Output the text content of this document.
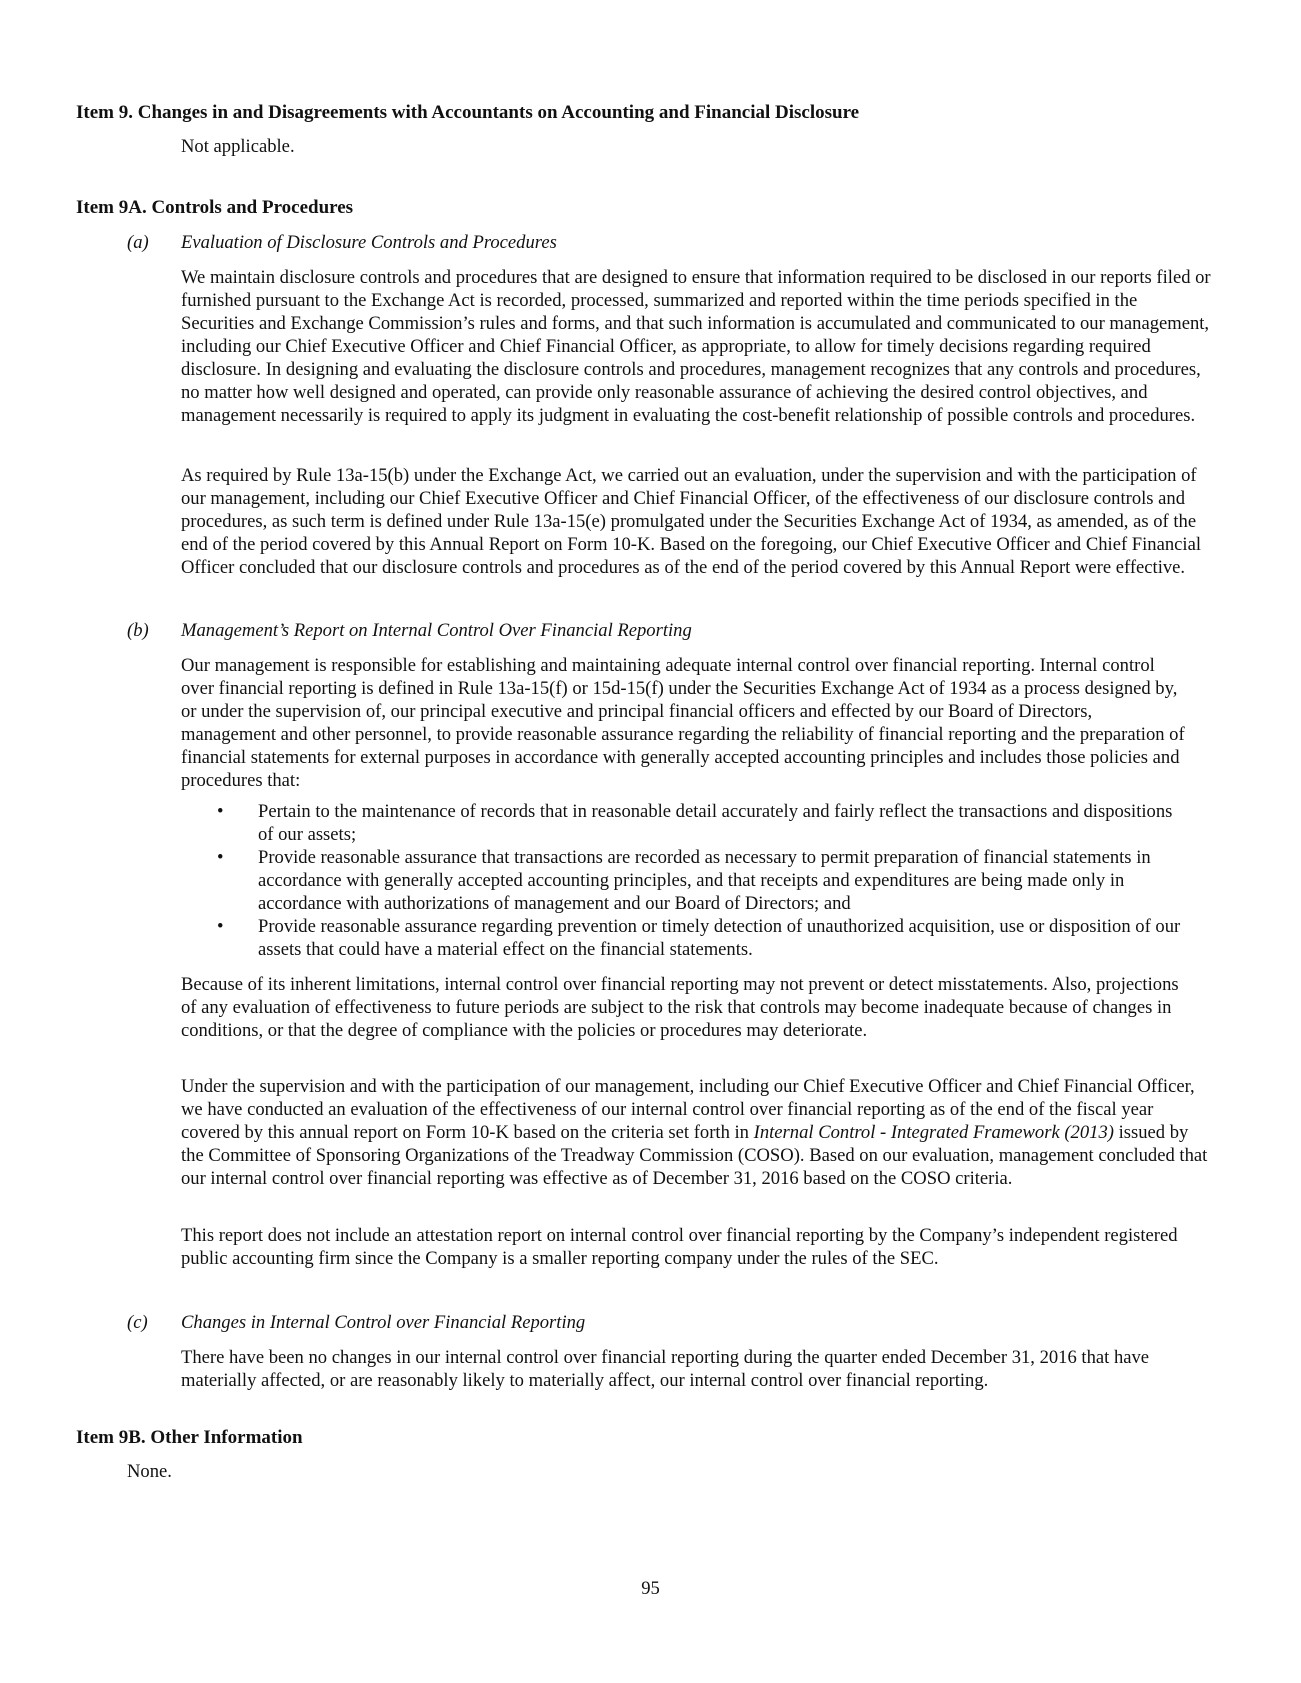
Item 9. Changes in and Disagreements with Accountants on Accounting and Financial Disclosure

Not applicable.

Item 9A. Controls and Procedures

(a) Evaluation of Disclosure Controls and Procedures

We maintain disclosure controls and procedures that are designed to ensure that information required to be disclosed in our reports filed or furnished pursuant to the Exchange Act is recorded, processed, summarized and reported within the time periods specified in the Securities and Exchange Commission’s rules and forms, and that such information is accumulated and communicated to our management, including our Chief Executive Officer and Chief Financial Officer, as appropriate, to allow for timely decisions regarding required disclosure. In designing and evaluating the disclosure controls and procedures, management recognizes that any controls and procedures, no matter how well designed and operated, can provide only reasonable assurance of achieving the desired control objectives, and management necessarily is required to apply its judgment in evaluating the cost-benefit relationship of possible controls and procedures.

As required by Rule 13a-15(b) under the Exchange Act, we carried out an evaluation, under the supervision and with the participation of our management, including our Chief Executive Officer and Chief Financial Officer, of the effectiveness of our disclosure controls and procedures, as such term is defined under Rule 13a-15(e) promulgated under the Securities Exchange Act of 1934, as amended, as of the end of the period covered by this Annual Report on Form 10-K. Based on the foregoing, our Chief Executive Officer and Chief Financial Officer concluded that our disclosure controls and procedures as of the end of the period covered by this Annual Report were effective.

(b) Management’s Report on Internal Control Over Financial Reporting

Our management is responsible for establishing and maintaining adequate internal control over financial reporting. Internal control over financial reporting is defined in Rule 13a-15(f) or 15d-15(f) under the Securities Exchange Act of 1934 as a process designed by, or under the supervision of, our principal executive and principal financial officers and effected by our Board of Directors, management and other personnel, to provide reasonable assurance regarding the reliability of financial reporting and the preparation of financial statements for external purposes in accordance with generally accepted accounting principles and includes those policies and procedures that:

• Pertain to the maintenance of records that in reasonable detail accurately and fairly reflect the transactions and dispositions of our assets;
• Provide reasonable assurance that transactions are recorded as necessary to permit preparation of financial statements in accordance with generally accepted accounting principles, and that receipts and expenditures are being made only in accordance with authorizations of management and our Board of Directors; and
• Provide reasonable assurance regarding prevention or timely detection of unauthorized acquisition, use or disposition of our assets that could have a material effect on the financial statements.

Because of its inherent limitations, internal control over financial reporting may not prevent or detect misstatements. Also, projections of any evaluation of effectiveness to future periods are subject to the risk that controls may become inadequate because of changes in conditions, or that the degree of compliance with the policies or procedures may deteriorate.

Under the supervision and with the participation of our management, including our Chief Executive Officer and Chief Financial Officer, we have conducted an evaluation of the effectiveness of our internal control over financial reporting as of the end of the fiscal year covered by this annual report on Form 10-K based on the criteria set forth in Internal Control - Integrated Framework (2013) issued by the Committee of Sponsoring Organizations of the Treadway Commission (COSO). Based on our evaluation, management concluded that our internal control over financial reporting was effective as of December 31, 2016 based on the COSO criteria.

This report does not include an attestation report on internal control over financial reporting by the Company’s independent registered public accounting firm since the Company is a smaller reporting company under the rules of the SEC.

(c) Changes in Internal Control over Financial Reporting

There have been no changes in our internal control over financial reporting during the quarter ended December 31, 2016 that have materially affected, or are reasonably likely to materially affect, our internal control over financial reporting.

Item 9B. Other Information

None.

95
